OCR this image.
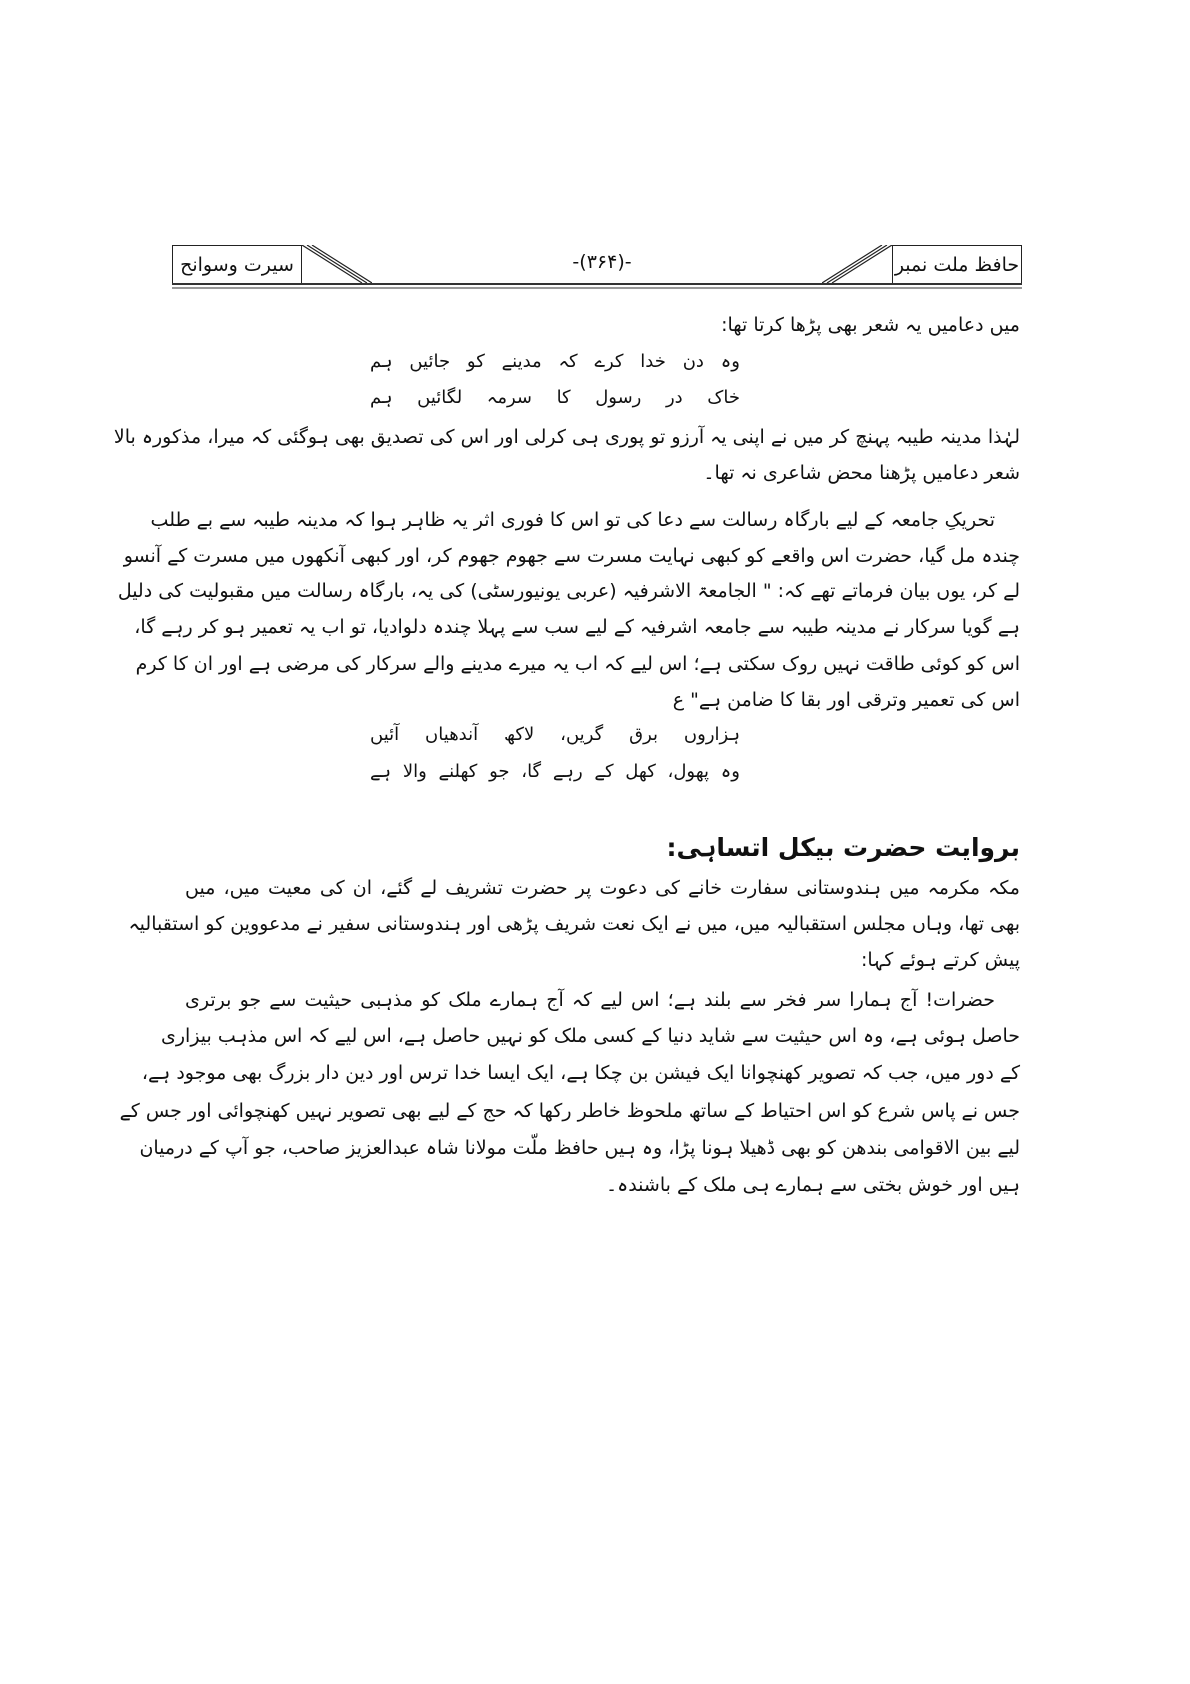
سیرت وسوانح	-(۳۶۴)-	حافظ ملت نمبر
میں دعامیں یہ شعر بھی پڑھا کرتا تھا:
وہ دن خدا کرے کہ مدینے کو جائیں ہم
خاک در رسول کا سرمہ لگائیں ہم
لہٰذا مدینہ طیبہ پہنچ کر میں نے اپنی یہ آرزو تو پوری ہی کرلی اور اس کی تصدیق بھی ہوگئی کہ میرا، مذکورہ بالا
شعر دعامیں پڑھنا محض شاعری نہ تھا۔
تحریکِ جامعہ کے لیے بارگاہ رسالت سے دعا کی تو اس کا فوری اثر یہ ظاہر ہوا کہ مدینہ طیبہ سے بے طلب
چندہ مل گیا، حضرت اس واقعے کو کبھی نہایت مسرت سے جھوم جھوم کر، اور کبھی آنکھوں میں مسرت کے آنسو
لے کر، یوں بیان فرماتے تھے کہ: " الجامعۃ الاشرفیہ (عربی یونیورسٹی) کی یہ، بارگاہ رسالت میں مقبولیت کی دلیل
ہے گویا سرکار نے مدینہ طیبہ سے جامعہ اشرفیہ کے لیے سب سے پہلا چندہ دلوادیا، تو اب یہ تعمیر ہو کر رہے گا،
اس کو کوئی طاقت نہیں روک سکتی ہے؛ اس لیے کہ اب یہ میرے مدینے والے سرکار کی مرضی ہے اور ان کا کرم
اس کی تعمیر وترقی اور بقا کا ضامن ہے" ع
ہزاروں برق گریں، لاکھ آندھیاں آئیں
وہ پھول، کھل کے رہے گا، جو کھلنے والا ہے
بروایت حضرت بیکل اتساہی:
مکہ مکرمہ میں ہندوستانی سفارت خانے کی دعوت پر حضرت تشریف لے گئے، ان کی معیت میں، میں
بھی تھا، وہاں مجلس استقبالیہ میں، میں نے ایک نعت شریف پڑھی اور ہندوستانی سفیر نے مدعووین کو استقبالیہ
پیش کرتے ہوئے کہا:
حضرات! آج ہمارا سر فخر سے بلند ہے؛ اس لیے کہ آج ہمارے ملک کو مذہبی حیثیت سے جو برتری
حاصل ہوئی ہے، وہ اس حیثیت سے شاید دنیا کے کسی ملک کو نہیں حاصل ہے، اس لیے کہ اس مذہب بیزاری
کے دور میں، جب کہ تصویر کھنچوانا ایک فیشن بن چکا ہے، ایک ایسا خدا ترس اور دین دار بزرگ بھی موجود ہے،
جس نے پاس شرع کو اس احتیاط کے ساتھ ملحوظ خاطر رکھا کہ حج کے لیے بھی تصویر نہیں کھنچوائی اور جس کے
لیے بین الاقوامی بندھن کو بھی ڈھیلا ہونا پڑا، وہ ہیں حافظ ملّت مولانا شاہ عبدالعزیز صاحب، جو آپ کے درمیان
ہیں اور خوش بختی سے ہمارے ہی ملک کے باشندہ۔
